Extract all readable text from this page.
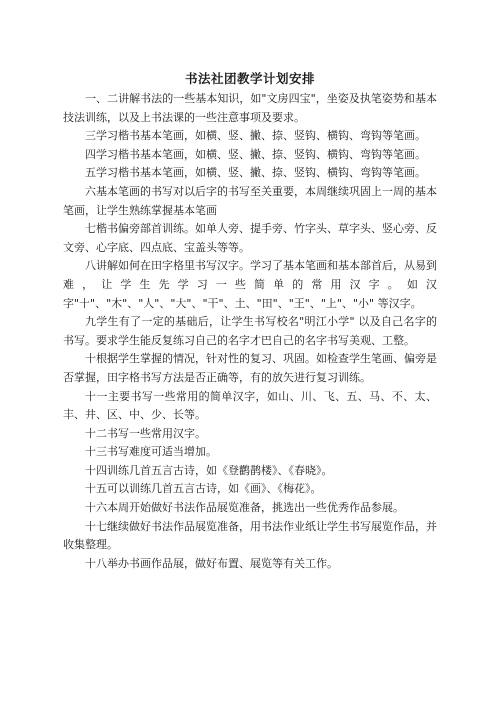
书法社团教学计划安排

一、二讲解书法的一些基本知识，如"文房四宝"，坐姿及执笔姿势和基本技法训练，以及上书法课的一些注意事项及要求。

三学习楷书基本笔画，如横、竖、撇、捺、竖钩、横钩、弯钩等笔画。

四学习楷书基本笔画，如横、竖、撇、捺、竖钩、横钩、弯钩等笔画。

五学习楷书基本笔画，如横、竖、撇、捺、竖钩、横钩、弯钩等笔画。

六基本笔画的书写对以后字的书写至关重要，本周继续巩固上一周的基本笔画，让学生熟练掌握基本笔画

七楷书偏旁部首训练。如单人旁、提手旁、竹字头、草字头、竖心旁、反文旁、心字底、四点底、宝盖头等等。

八讲解如何在田字格里书写汉字。学习了基本笔画和基本部首后，从易到难，让学生先学习一些简单的常用汉字。如汉字"十"、"木"、"人"、"大"、"干"、土、"田"、"王"、"上"、"小" 等汉字。

九学生有了一定的基础后，让学生书写校名"明江小学" 以及自己名字的书写。要求学生能反复练习自己的名字才巴自己的名字书写美观、工整。

十根据学生掌握的情况，针对性的复习、巩固。如检查学生笔画、偏旁是否掌握，田字格书写方法是否正确等，有的放矢进行复习训练。

十一主要书写一些常用的简单汉字，如山、川、飞、五、马、不、太、丰、井、区、中、少、长等。

十二书写一些常用汉字。

十三书写难度可适当增加。

十四训练几首五言古诗，如《登鹳鹊楼》、《春晓》。

十五可以训练几首五言古诗，如《画》、《梅花》。

十六本周开始做好书法作品展览准备，挑选出一些优秀作品参展。

十七继续做好书法作品展览准备，用书法作业纸让学生书写展览作品，并收集整理。

十八举办书画作品展，做好布置、展览等有关工作。
